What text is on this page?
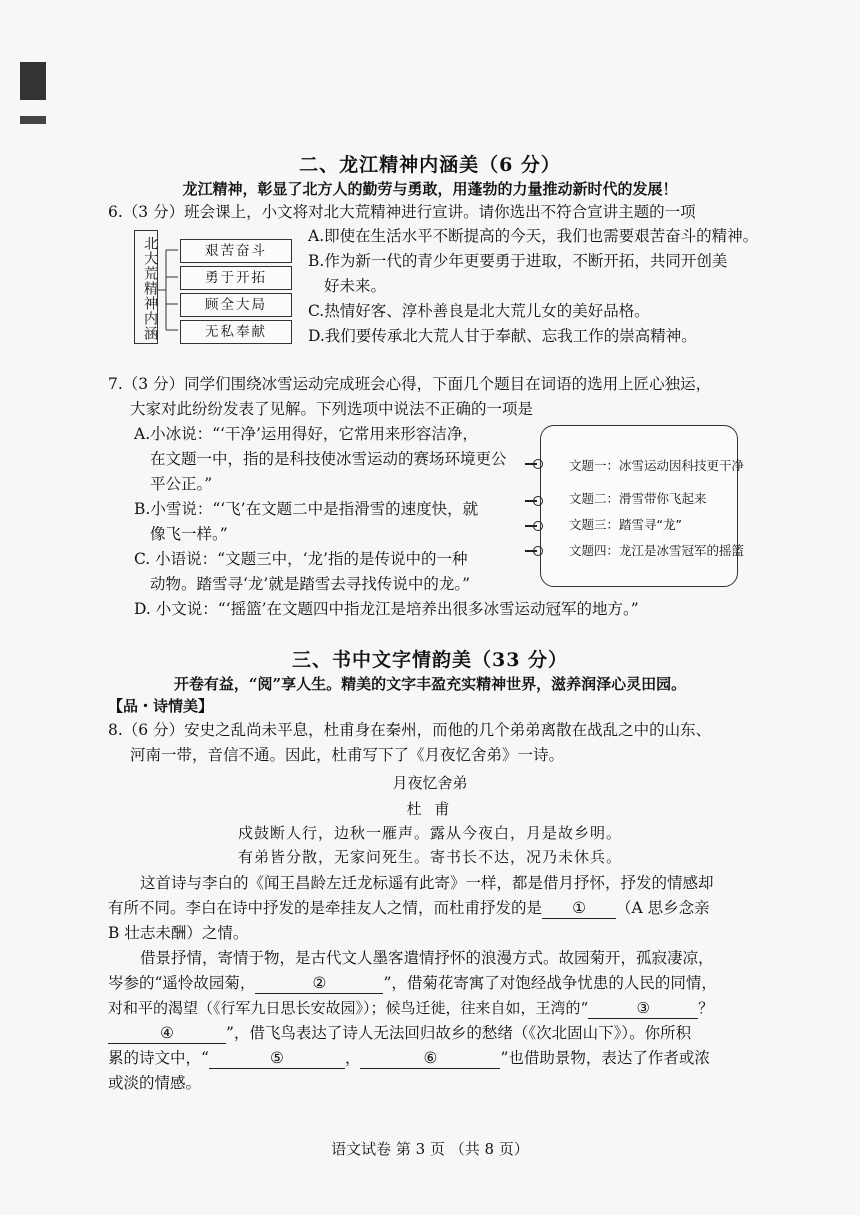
二、龙江精神内涵美（6 分）
龙江精神，彰显了北方人的勤劳与勇敢，用蓬勃的力量推动新时代的发展！
6.（3 分）班会课上，小文将对北大荒精神进行宣讲。请你选出不符合宣讲主题的一项
北大荒精神内涵	艰苦奋斗
勇于开拓
顾全大局
无私奉献
A.即使在生活水平不断提高的今天，我们也需要艰苦奋斗的精神。
B.作为新一代的青少年更要勇于进取，不断开拓，共同开创美
好未来。
C.热情好客、淳朴善良是北大荒儿女的美好品格。
D.我们要传承北大荒人甘于奉献、忘我工作的崇高精神。
7.（3 分）同学们围绕冰雪运动完成班会心得，下面几个题目在词语的选用上匠心独运，
大家对此纷纷发表了见解。下列选项中说法不正确的一项是
A.小冰说：“‘干净’运用得好，它常用来形容洁净，
在文题一中，指的是科技使冰雪运动的赛场环境更公
平公正。”
B.小雪说：“‘飞’在文题二中是指滑雪的速度快，就
像飞一样。”
C. 小语说：“文题三中，‘龙’指的是传说中的一种
动物。踏雪寻‘龙’就是踏雪去寻找传说中的龙。”
D. 小文说：“‘摇篮’在文题四中指龙江是培养出很多冰雪运动冠军的地方。”
文题一：冰雪运动因科技更干净
文题二：滑雪带你飞起来
文题三：踏雪寻“龙”
文题四：龙江是冰雪冠军的摇篮
三、书中文字情韵美（33 分）
开卷有益，“阅”享人生。精美的文字丰盈充实精神世界，滋养润泽心灵田园。
【品・诗情美】
8.（6 分）安史之乱尚未平息，杜甫身在秦州，而他的几个弟弟离散在战乱之中的山东、
河南一带，音信不通。因此，杜甫写下了《月夜忆舍弟》一诗。
月夜忆舍弟
杜 甫
戍鼓断人行，边秋一雁声。露从今夜白，月是故乡明。
有弟皆分散，无家问死生。寄书长不达，况乃未休兵。
这首诗与李白的《闻王昌龄左迁龙标遥有此寄》一样，都是借月抒怀，抒发的情感却
有所不同。李白在诗中抒发的是牵挂友人之情，而杜甫抒发的是 ① （A 思乡念亲
B 壮志未酬）之情。
借景抒情，寄情于物，是古代文人墨客遣情抒怀的浪漫方式。故园菊开，孤寂凄凉，
岑参的“遥怜故园菊，	②	”，借菊花寄寓了对饱经战争忧患的人民的同情，
对和平的渴望（《行军九日思长安故园》）；候鸟迁徙，往来自如，王湾的“	③	？
④	”，借飞鸟表达了诗人无法回归故乡的愁绪（《次北固山下》）。你所积
累的诗文中，“	⑤	，	⑥	”也借助景物，表达了作者或浓
或淡的情感。
语文试卷 第 3 页 （共 8 页）
